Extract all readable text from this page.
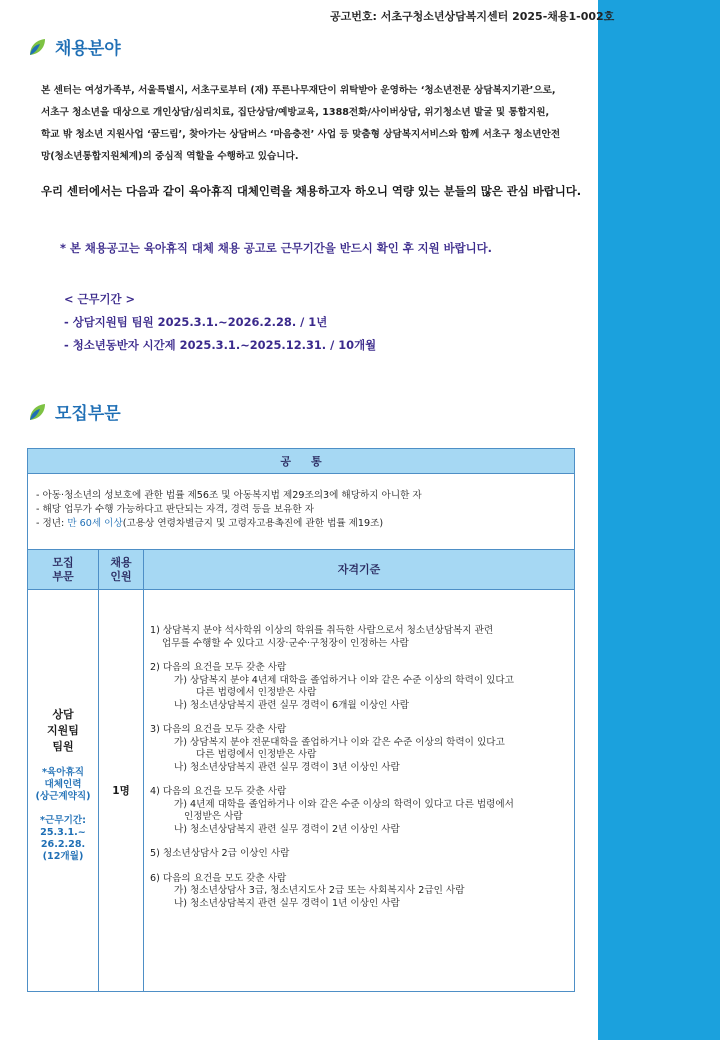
공고번호: 서초구청소년상담복지센터 2025-채용1-002호
채용분야

본 센터는 여성가족부, 서울특별시, 서초구로부터 (재) 푸른나무재단이 위탁받아 운영하는 ‘청소년전문 상담복지기관’으로,

서초구 청소년을 대상으로 개인상담/심리치료, 집단상담/예방교육, 1388전화/사이버상담, 위기청소년 발굴 및 통합지원,

학교 밖 청소년 지원사업 ‘꿈드림’, 찾아가는 상담버스 ‘마음충전’ 사업 등 맞춤형 상담복지서비스와 함께 서초구 청소년안전

망(청소년통합지원체계)의 중심적 역할을 수행하고 있습니다.

우리 센터에서는 다음과 같이 육아휴직 대체인력을 채용하고자 하오니 역량 있는 분들의 많은 관심 바랍니다.
* 본 채용공고는 육아휴직 대체 채용 공고로 근무기간을 반드시 확인 후 지원 바랍니다.
< 근무기간 >
- 상담지원팀 팀원 2025.3.1.~2026.2.28. / 1년
- 청소년동반자 시간제 2025.3.1.~2025.12.31. / 10개월
모집부문
공통
- 아동·청소년의 성보호에 관한 법률 제56조 및 아동복지법 제29조의3에 해당하지 아니한 자
- 해당 업무가 수행 가능하다고 판단되는 자격, 경력 등을 보유한 자
- 정년: 만 60세 이상(고용상 연령차별금지 및 고령자고용촉진에 관한 법률 제19조)
모집
부문
채용
인원
자격기준
상담
지원팀
팀원
*육아휴직
대체인력
(상근계약직)
*근무기간:
25.3.1.~
26.2.28.
(12개월)
1명
1) 상담복지 분야 석사학위 이상의 학위를 취득한 사람으로서 청소년상담복지 관련
업무를 수행할 수 있다고 시장·군수·구청장이 인정하는 사람
2) 다음의 요건을 모두 갖춘 사람
가) 상담복지 분야 4년제 대학을 졸업하거나 이와 같은 수준 이상의 학력이 있다고
다른 법령에서 인정받은 사람
나) 청소년상담복지 관련 실무 경력이 6개월 이상인 사람
3) 다음의 요건을 모두 갖춘 사람
가) 상담복지 분야 전문대학을 졸업하거나 이와 같은 수준 이상의 학력이 있다고
다른 법령에서 인정받은 사람
나) 청소년상담복지 관련 실무 경력이 3년 이상인 사람
4) 다음의 요건을 모두 갖춘 사람
가) 4년제 대학을 졸업하거나 이와 같은 수준 이상의 학력이 있다고 다른 법령에서
인정받은 사람
나) 청소년상담복지 관련 실무 경력이 2년 이상인 사람
5) 청소년상담사 2급 이상인 사람
6) 다음의 요건을 모도 갖춘 사람
가) 청소년상담사 3급, 청소년지도사 2급 또는 사회복지사 2급인 사람
나) 청소년상담복지 관련 실무 경력이 1년 이상인 사람
